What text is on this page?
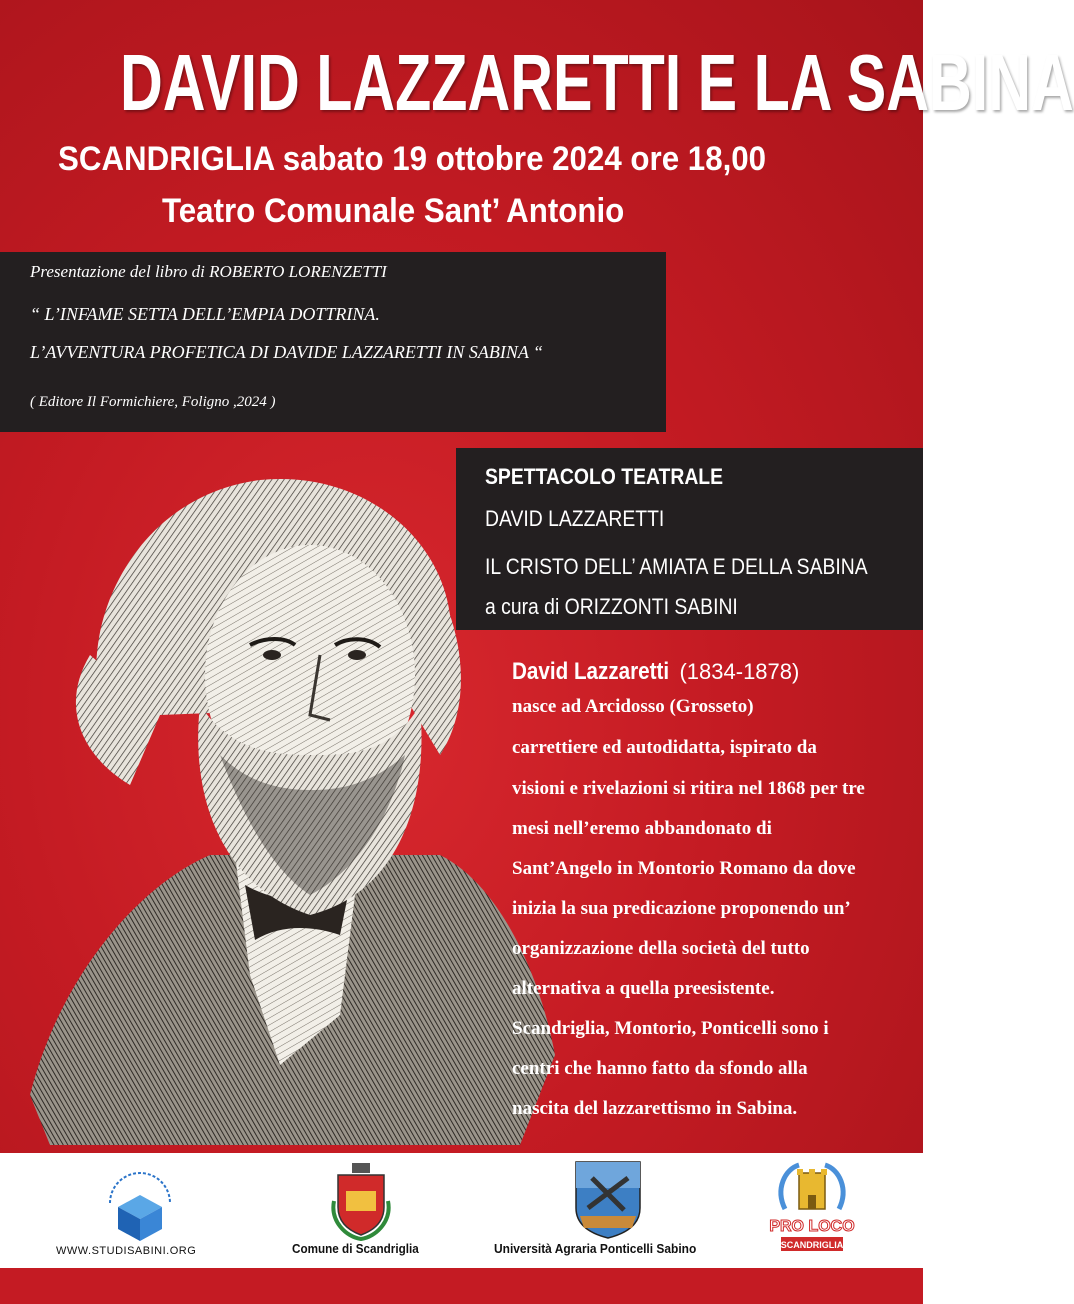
DAVID LAZZARETTI E LA SABINA
SCANDRIGLIA sabato 19 ottobre 2024 ore 18,00
Teatro Comunale Sant’ Antonio
Presentazione del libro di ROBERTO LORENZETTI
“ L’INFAME SETTA DELL’EMPIA DOTTRINA.
L’AVVENTURA PROFETICA DI DAVIDE LAZZARETTI IN SABINA “
( Editore Il Formichiere, Foligno ,2024 )
SPETTACOLO TEATRALE
DAVID LAZZARETTI
IL CRISTO DELL’ AMIATA E DELLA SABINA
a cura di ORIZZONTI SABINI
David Lazzaretti (1834-1878)
nasce ad Arcidosso (Grosseto)
carrettiere ed autodidatta, ispirato da
visioni e rivelazioni si ritira nel 1868 per tre
mesi nell’eremo abbandonato di
Sant’Angelo in Montorio Romano da dove
inizia la sua predicazione proponendo un’
organizzazione della società del tutto
alternativa a quella preesistente.
Scandriglia, Montorio, Ponticelli sono i
centri che hanno fatto da sfondo alla
nascita del lazzarettismo in Sabina.
WWW.STUDISABINI.ORG	Comune di Scandriglia	Università Agraria Ponticelli Sabino
PRO LOCO
SCANDRIGLIA
